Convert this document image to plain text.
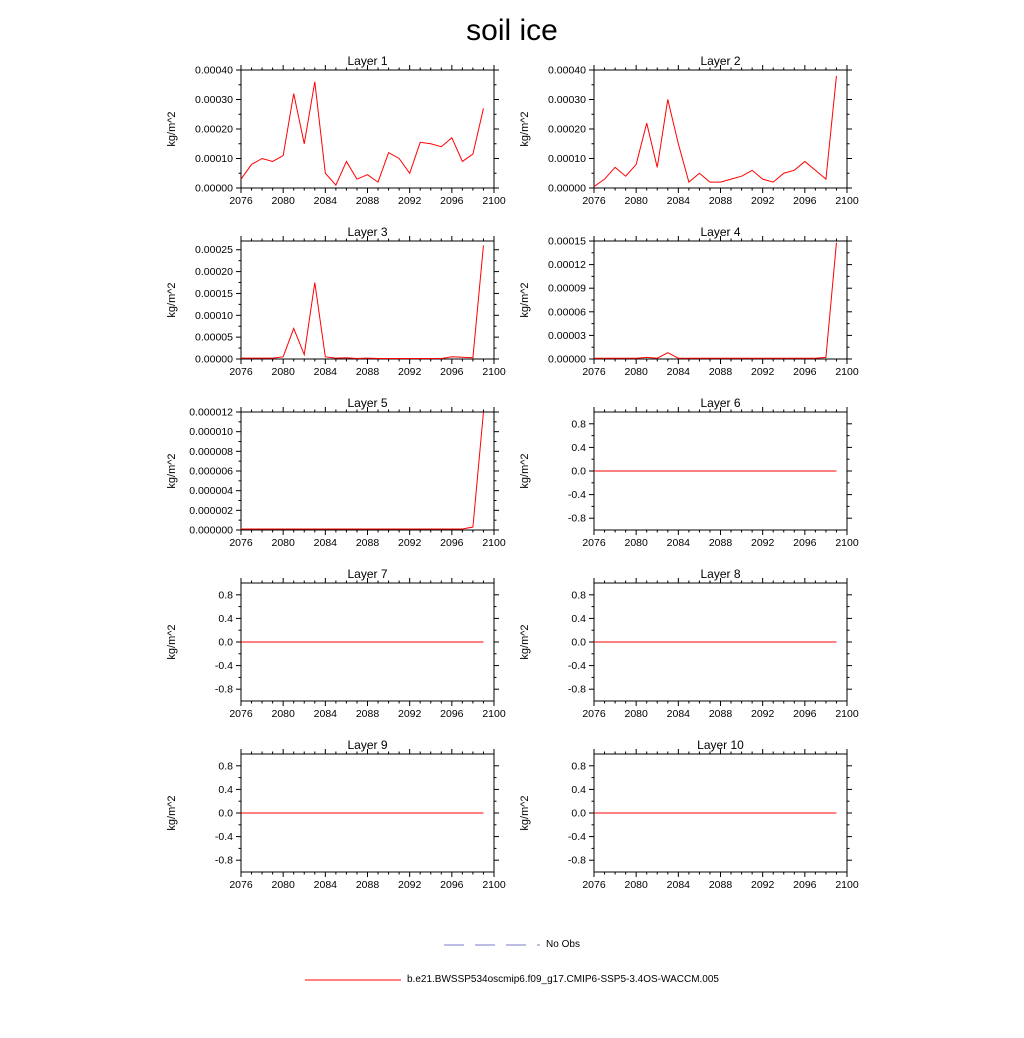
soil ice
Layer 1
kg/m^2
2076 2080 2084 2088 2092 2096 2100
0.00000
0.00010
0.00020
0.00030
0.00040
Layer 2
kg/m^2
2076 2080 2084 2088 2092 2096 2100
0.00000
0.00010
0.00020
0.00030
0.00040
Layer 3
kg/m^2
2076 2080 2084 2088 2092 2096 2100
0.00000
0.00005
0.00010
0.00015
0.00020
0.00025
Layer 4
kg/m^2
2076 2080 2084 2088 2092 2096 2100
0.00000
0.00003
0.00006
0.00009
0.00012
0.00015
Layer 5
kg/m^2
2076 2080 2084 2088 2092 2096 2100
0.000000
0.000002
0.000004
0.000006
0.000008
0.000010
0.000012
Layer 6
kg/m^2
2076 2080 2084 2088 2092 2096 2100
-0.8
-0.4
0.0
0.4
0.8
Layer 7
kg/m^2
2076 2080 2084 2088 2092 2096 2100
-0.8
-0.4
0.0
0.4
0.8
Layer 8
kg/m^2
2076 2080 2084 2088 2092 2096 2100
-0.8
-0.4
0.0
0.4
0.8
Layer 9
kg/m^2
2076 2080 2084 2088 2092 2096 2100
-0.8
-0.4
0.0
0.4
0.8
Layer 10
kg/m^2
2076 2080 2084 2088 2092 2096 2100
-0.8
-0.4
0.0
0.4
0.8
No Obs
b.e21.BWSSP534oscmip6.f09_g17.CMIP6-SSP5-3.4OS-WACCM.005
